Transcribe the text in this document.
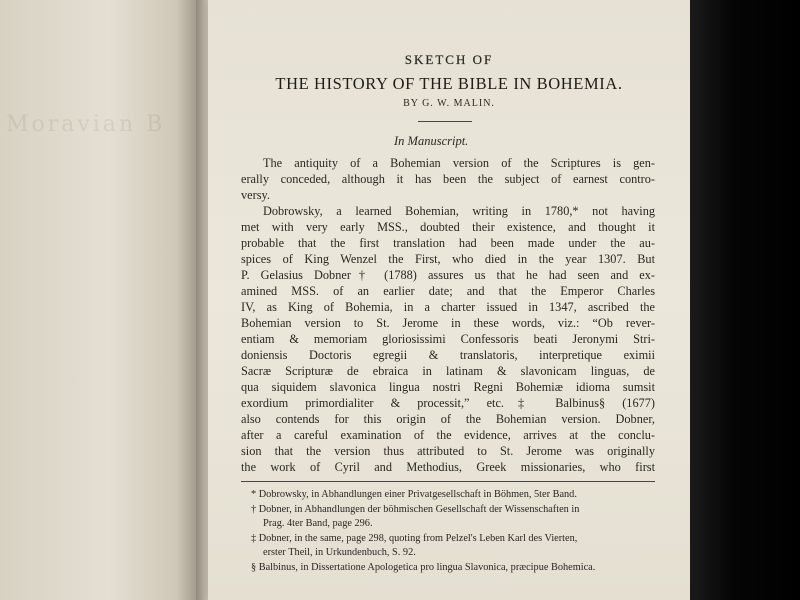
Moravian B
SKETCH OF
THE HISTORY OF THE BIBLE IN BOHEMIA.
BY G. W. MALIN.
In Manuscript.
The antiquity of a Bohemian version of the Scriptures is gen-
erally conceded, although it has been the subject of earnest contro-
versy.
Dobrowsky, a learned Bohemian, writing in 1780,* not having
met with very early MSS., doubted their existence, and thought it
probable that the first translation had been made under the au-
spices of King Wenzel the First, who died in the year 1307. But
P. Gelasius Dobner† (1788) assures us that he had seen and ex-
amined MSS. of an earlier date; and that the Emperor Charles
IV, as King of Bohemia, in a charter issued in 1347, ascribed the
Bohemian version to St. Jerome in these words, viz.: “Ob rever-
entiam & memoriam gloriosissimi Confessoris beati Jeronymi Stri-
doniensis Doctoris egregii & translatoris, interpretique eximii
Sacræ Scripturæ de ebraica in latinam & slavonicam linguas, de
qua siquidem slavonica lingua nostri Regni Bohemiæ idioma sumsit
exordium primordialiter & processit,” etc.‡ Balbinus§ (1677)
also contends for this origin of the Bohemian version. Dobner,
after a careful examination of the evidence, arrives at the conclu-
sion that the version thus attributed to St. Jerome was originally
the work of Cyril and Methodius, Greek missionaries, who first
* Dobrowsky, in Abhandlungen einer Privatgesellschaft in Böhmen, 5ter Band.
† Dobner, in Abhandlungen der böhmischen Gesellschaft der Wissenschaften in
Prag. 4ter Band, page 296.
‡ Dobner, in the same, page 298, quoting from Pelzel's Leben Karl des Vierten,
erster Theil, in Urkundenbuch, S. 92.
§ Balbinus, in Dissertatione Apologetica pro lingua Slavonica, præcipue Bohemica.
